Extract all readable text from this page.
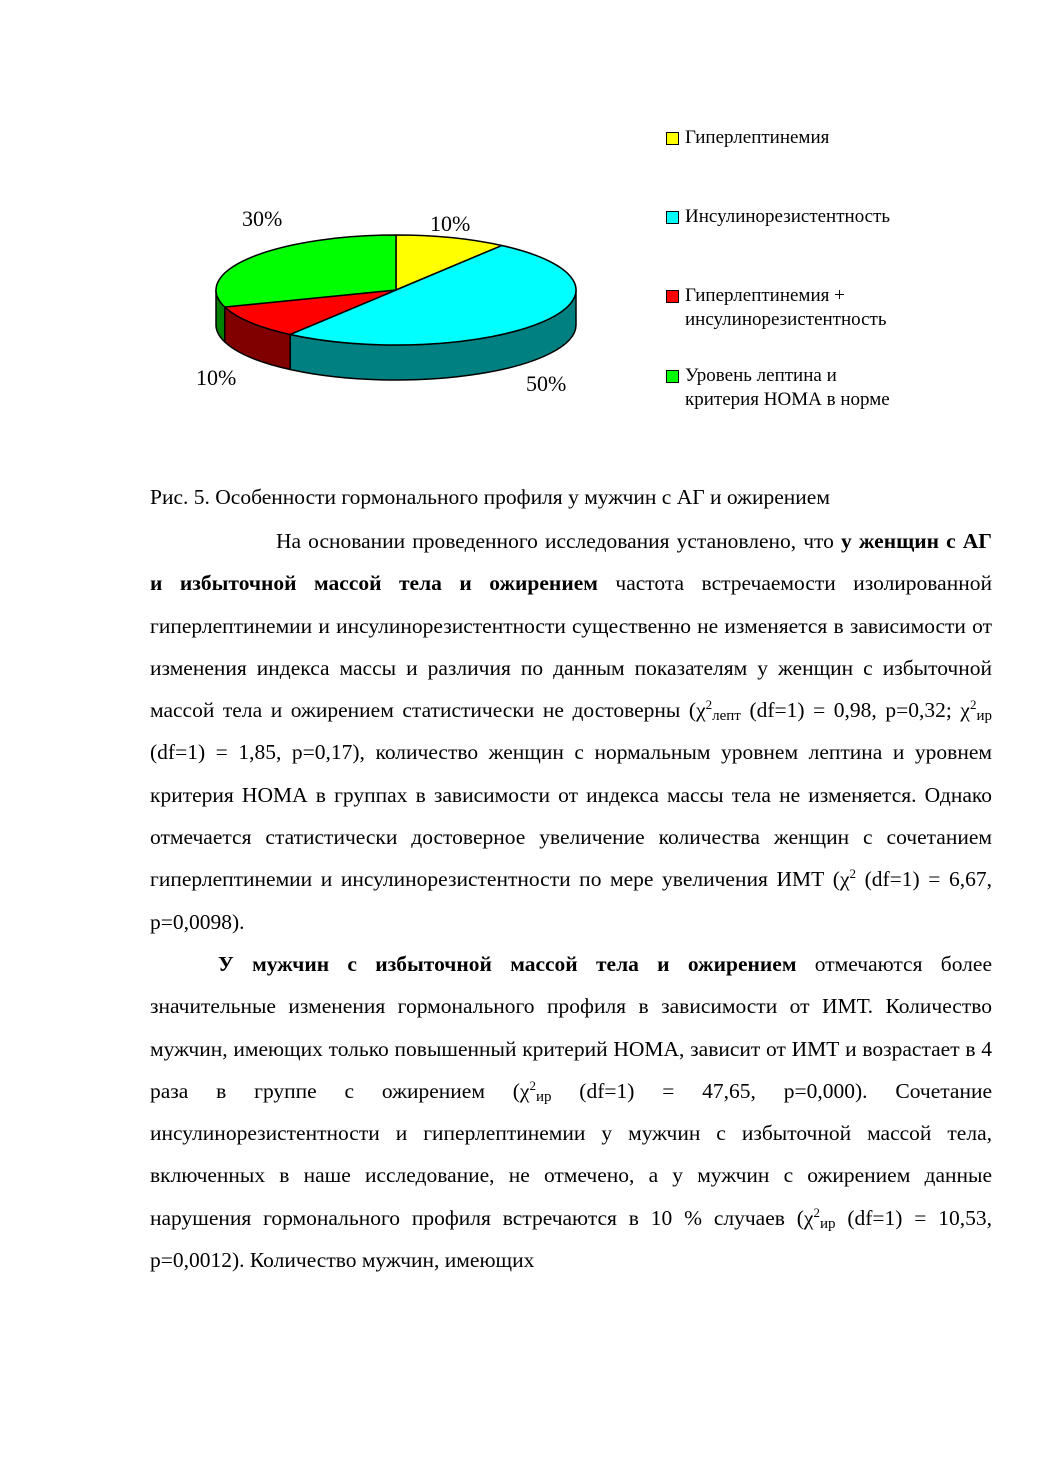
30%	10%
10%	50%
Гиперлептинемия
Инсулинорезистентность
Гиперлептинемия +
инсулинорезистентность
Уровень лептина и
критерия НОМА в норме
Рис. 5. Особенности гормонального профиля у мужчин с АГ и ожирением

На основании проведенного исследования установлено, что у женщин с АГ и избыточной массой тела и ожирением частота встречаемости изолированной гиперлептинемии и инсулинорезистентности существенно не изменяется в зависимости от изменения индекса массы и различия по данным показателям у женщин с избыточной массой тела и ожирением статистически не достоверны ($\chi^2_{лепт}$ (df=1) = 0,98, p=0,32; $\chi^2_{ир}$ (df=1) = 1,85, p=0,17), количество женщин с нормальным уровнем лептина и уровнем критерия НОМА в группах в зависимости от индекса массы тела не изменяется. Однако отмечается статистически достоверное увеличение количества женщин с сочетанием гиперлептинемии и инсулинорезистентности по мере увеличения ИМТ ($\chi^2$ (df=1) = 6,67, p=0,0098).

У мужчин с избыточной массой тела и ожирением отмечаются более значительные изменения гормонального профиля в зависимости от ИМТ. Количество мужчин, имеющих только повышенный критерий НОМА, зависит от ИМТ и возрастает в 4 раза в группе с ожирением ($\chi^2_{ир}$ (df=1) = 47,65, p=0,000). Сочетание инсулинорезистентности и гиперлептинемии у мужчин с избыточной массой тела, включенных в наше исследование, не отмечено, а у мужчин с ожирением данные нарушения гормонального профиля встречаются в 10 % случаев ($\chi^2_{ир}$ (df=1) = 10,53, p=0,0012). Количество мужчин, имеющих
